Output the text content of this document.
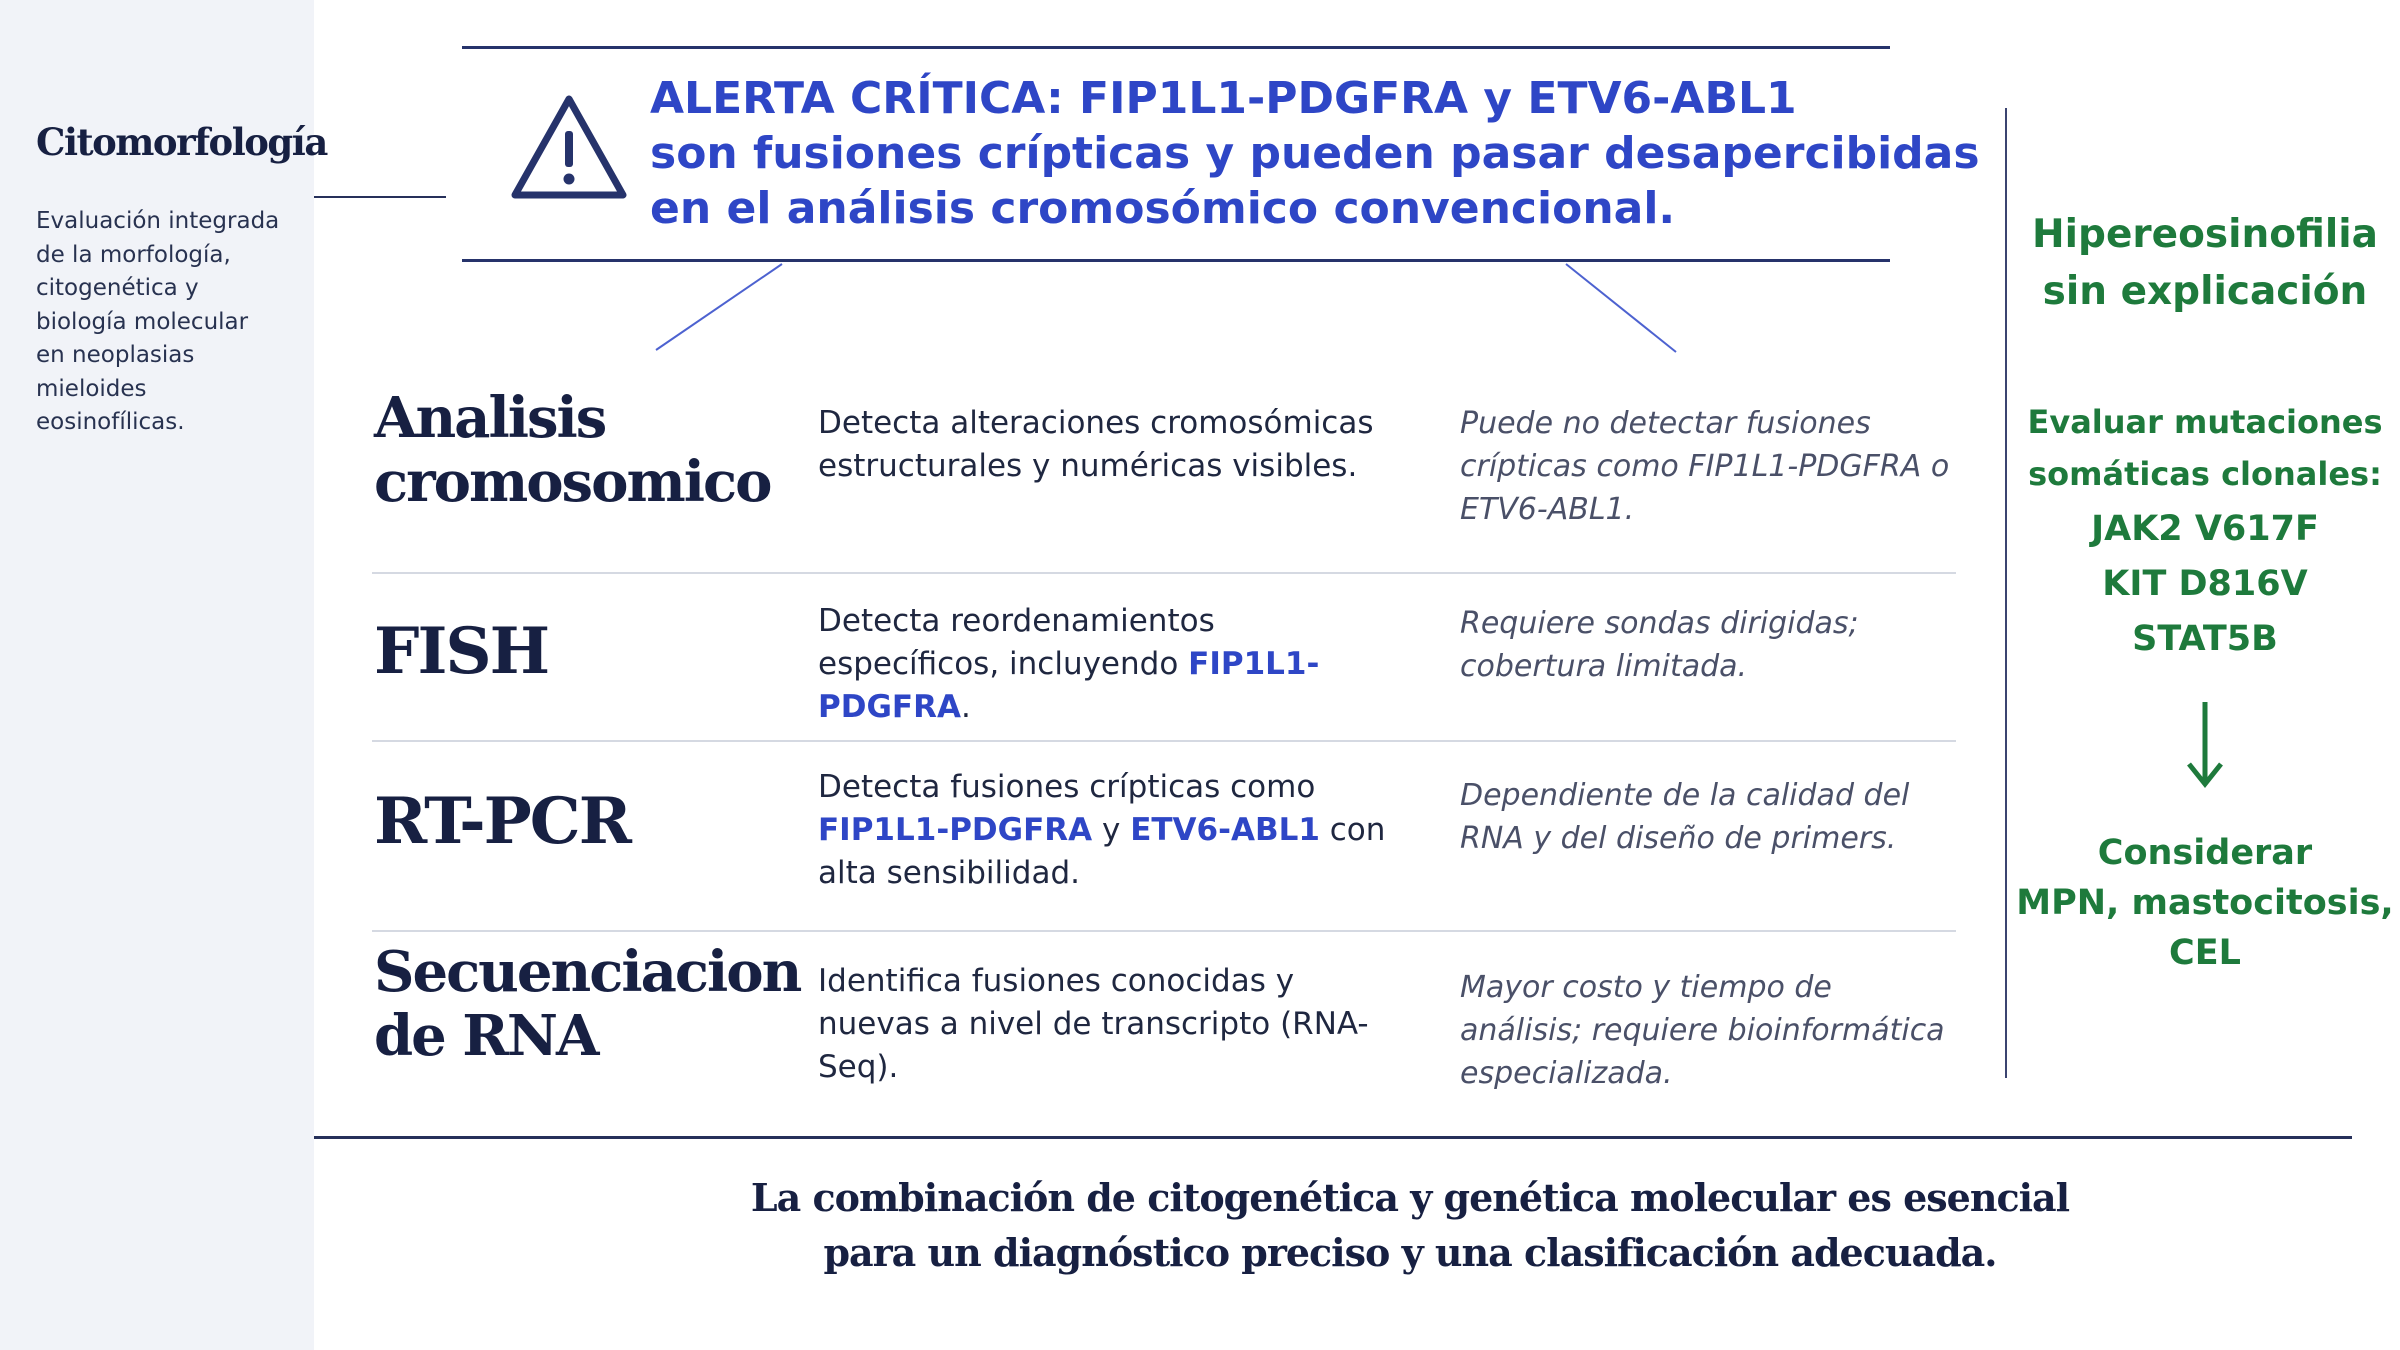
Citomorfología
Evaluación integrada
de la morfología,
citogenética y
biología molecular
en neoplasias
mieloides
eosinofílicas.
ALERTA CRÍTICA: FIP1L1-PDGFRA y ETV6-ABL1
son fusiones crípticas y pueden pasar desapercibidas
en el análisis cromosómico convencional.
Analisis
cromosomico
Detecta alteraciones cromosómicas estructurales y numéricas visibles.
Puede no detectar fusiones crípticas como FIP1L1-PDGFRA o ETV6-ABL1.
FISH	Detecta reordenamientos específicos, incluyendo FIP1L1-PDGFRA.
Requiere sondas dirigidas; cobertura limitada.
RT-PCR	Detecta fusiones crípticas como FIP1L1-PDGFRA y ETV6-ABL1 con alta sensibilidad.
Dependiente de la calidad del RNA y del diseño de primers.
Secuenciacion
de RNA
Identifica fusiones conocidas y nuevas a nivel de transcripto (RNA-Seq).
Mayor costo y tiempo de análisis; requiere bioinformática especializada.
Hipereosinofilia
sin explicación
Evaluar mutaciones
somáticas clonales:
JAK2 V617F
KIT D816V
STAT5B
Considerar
MPN, mastocitosis,
CEL
La combinación de citogenética y genética molecular es esencial
para un diagnóstico preciso y una clasificación adecuada.
